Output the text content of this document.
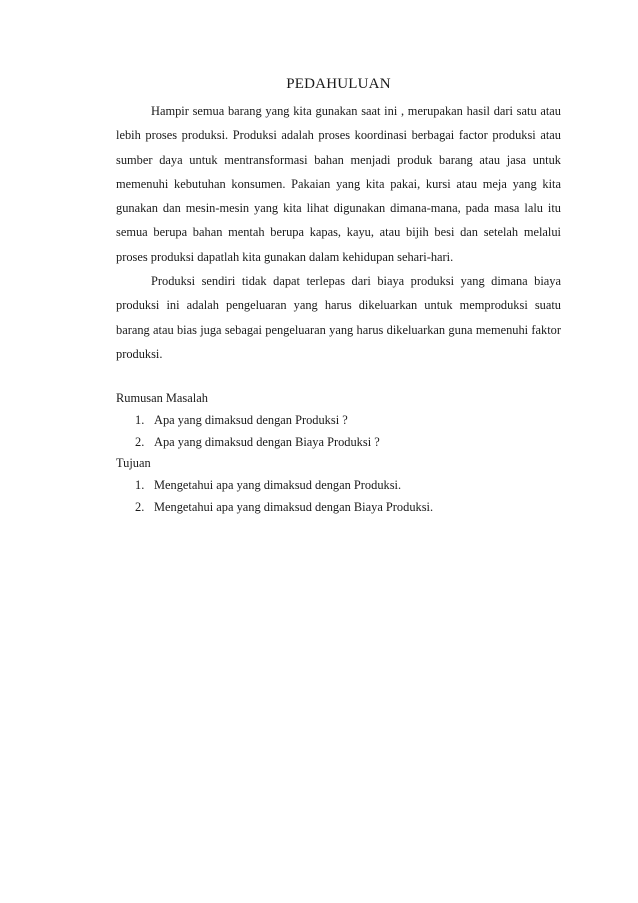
PEDAHULUAN

Hampir semua barang yang kita gunakan saat ini , merupakan hasil dari satu atau lebih proses produksi. Produksi adalah proses koordinasi berbagai factor produksi atau sumber daya untuk mentransformasi bahan menjadi produk barang atau jasa untuk memenuhi kebutuhan konsumen. Pakaian yang kita pakai, kursi atau meja yang kita gunakan dan mesin-mesin yang kita lihat digunakan dimana-mana, pada masa lalu itu semua berupa bahan mentah berupa kapas, kayu, atau bijih besi dan setelah melalui proses produksi dapatlah kita gunakan dalam kehidupan sehari-hari.

Produksi sendiri tidak dapat terlepas dari biaya produksi yang dimana biaya produksi ini adalah pengeluaran yang harus dikeluarkan untuk memproduksi suatu barang atau bias juga sebagai pengeluaran yang harus dikeluarkan guna memenuhi faktor produksi.

Rumusan Masalah

1. Apa yang dimaksud dengan Produksi ?
2. Apa yang dimaksud dengan Biaya Produksi ?

Tujuan

1. Mengetahui apa yang dimaksud dengan Produksi.
2. Mengetahui apa yang dimaksud dengan Biaya Produksi.
